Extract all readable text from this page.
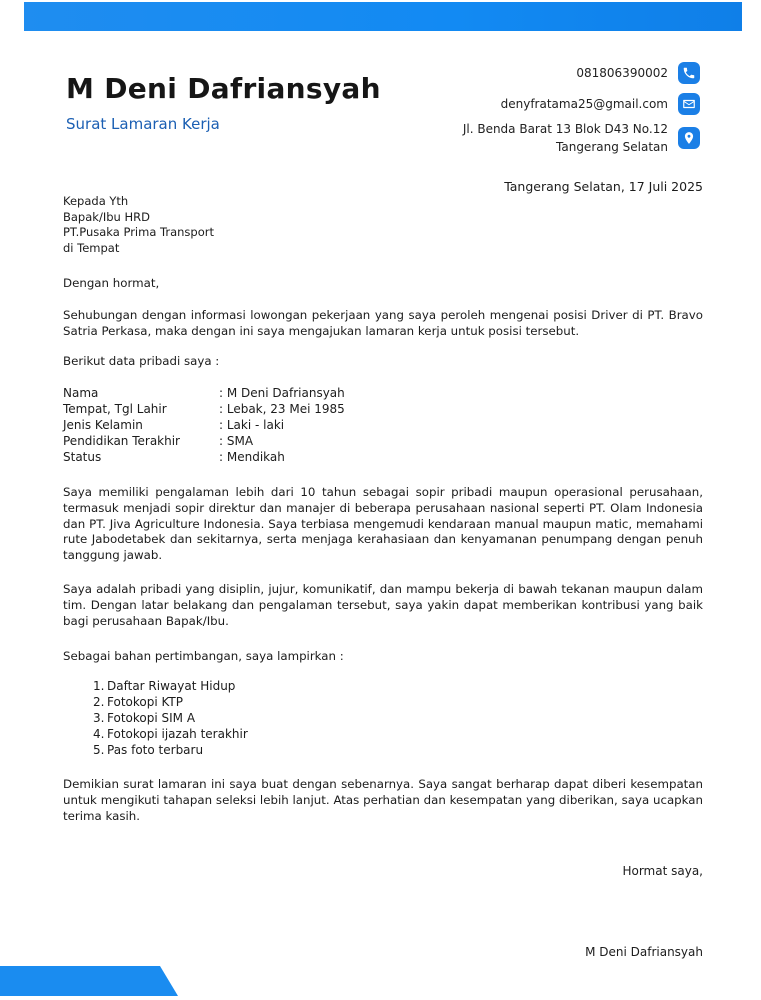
M Deni Dafriansyah
Surat Lamaran Kerja
081806390002
denyfratama25@gmail.com
Jl. Benda Barat 13 Blok D43 No.12
Tangerang Selatan
Tangerang Selatan, 17 Juli 2025
Kepada Yth
Bapak/Ibu HRD
PT.Pusaka Prima Transport
di Tempat
Dengan hormat,
Sehubungan dengan informasi lowongan pekerjaan yang saya peroleh mengenai posisi Driver di PT. Bravo Satria Perkasa, maka dengan ini saya mengajukan lamaran kerja untuk posisi tersebut.
Berikut data pribadi saya :
Nama	: M Deni Dafriansyah
Tempat, Tgl Lahir	: Lebak, 23 Mei 1985
Jenis Kelamin	: Laki - laki
Pendidikan Terakhir	: SMA
Status	: Mendikah
Saya memiliki pengalaman lebih dari 10 tahun sebagai sopir pribadi maupun operasional perusahaan, termasuk menjadi sopir direktur dan manajer di beberapa perusahaan nasional seperti PT. Olam Indonesia dan PT. Jiva Agriculture Indonesia. Saya terbiasa mengemudi kendaraan manual maupun matic, memahami rute Jabodetabek dan sekitarnya, serta menjaga kerahasiaan dan kenyamanan penumpang dengan penuh tanggung jawab.
Saya adalah pribadi yang disiplin, jujur, komunikatif, dan mampu bekerja di bawah tekanan maupun dalam tim. Dengan latar belakang dan pengalaman tersebut, saya yakin dapat memberikan kontribusi yang baik bagi perusahaan Bapak/Ibu.
Sebagai bahan pertimbangan, saya lampirkan :
1. Daftar Riwayat Hidup
2. Fotokopi KTP
3. Fotokopi SIM A
4. Fotokopi ijazah terakhir
5. Pas foto terbaru
Demikian surat lamaran ini saya buat dengan sebenarnya. Saya sangat berharap dapat diberi kesempatan untuk mengikuti tahapan seleksi lebih lanjut. Atas perhatian dan kesempatan yang diberikan, saya ucapkan terima kasih.
Hormat saya,
M Deni Dafriansyah
